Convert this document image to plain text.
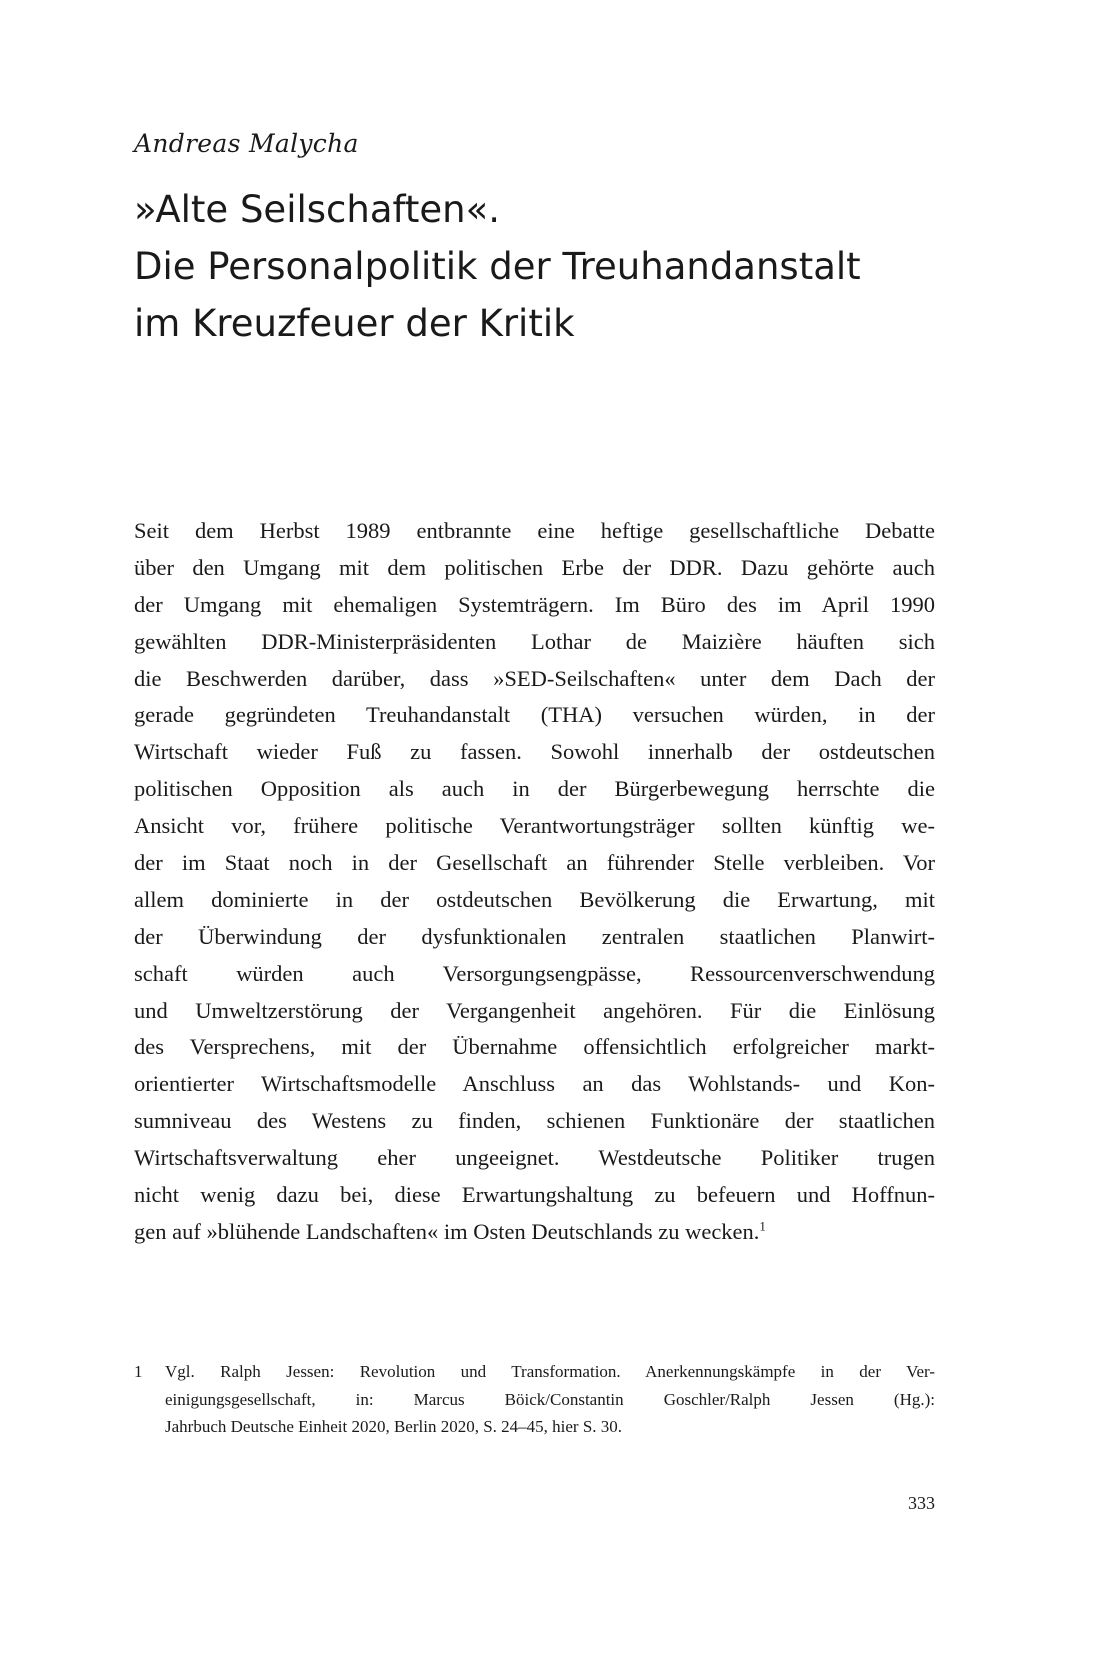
Andreas Malycha
»Alte Seilschaften«.
Die Personalpolitik der Treuhandanstalt
im Kreuzfeuer der Kritik
Seit dem Herbst 1989 entbrannte eine heftige gesellschaftliche Debatte
über den Umgang mit dem politischen Erbe der DDR. Dazu gehörte auch
der Umgang mit ehemaligen Systemträgern. Im Büro des im April 1990
gewählten DDR-Ministerpräsidenten Lothar de Maizière häuften sich
die Beschwerden darüber, dass »SED-Seilschaften« unter dem Dach der
gerade gegründeten Treuhandanstalt (THA) versuchen würden, in der
Wirtschaft wieder Fuß zu fassen. Sowohl innerhalb der ostdeutschen
politischen Opposition als auch in der Bürgerbewegung herrschte die
Ansicht vor, frühere politische Verantwortungsträger sollten künftig we-
der im Staat noch in der Gesellschaft an führender Stelle verbleiben. Vor
allem dominierte in der ostdeutschen Bevölkerung die Erwartung, mit
der Überwindung der dysfunktionalen zentralen staatlichen Planwirt-
schaft würden auch Versorgungsengpässe, Ressourcenverschwendung
und Umweltzerstörung der Vergangenheit angehören. Für die Einlösung
des Versprechens, mit der Übernahme offensichtlich erfolgreicher markt-
orientierter Wirtschaftsmodelle Anschluss an das Wohlstands- und Kon-
sumniveau des Westens zu finden, schienen Funktionäre der staatlichen
Wirtschaftsverwaltung eher ungeeignet. Westdeutsche Politiker trugen
nicht wenig dazu bei, diese Erwartungshaltung zu befeuern und Hoffnun-
gen auf »blühende Landschaften« im Osten Deutschlands zu wecken.$^1$
1 Vgl. Ralph Jessen: Revolution und Transformation. Anerkennungskämpfe in der Ver-
einigungsgesellschaft, in: Marcus Böick/Constantin Goschler/Ralph Jessen (Hg.):
Jahrbuch Deutsche Einheit 2020, Berlin 2020, S. 24–45, hier S. 30.
333
